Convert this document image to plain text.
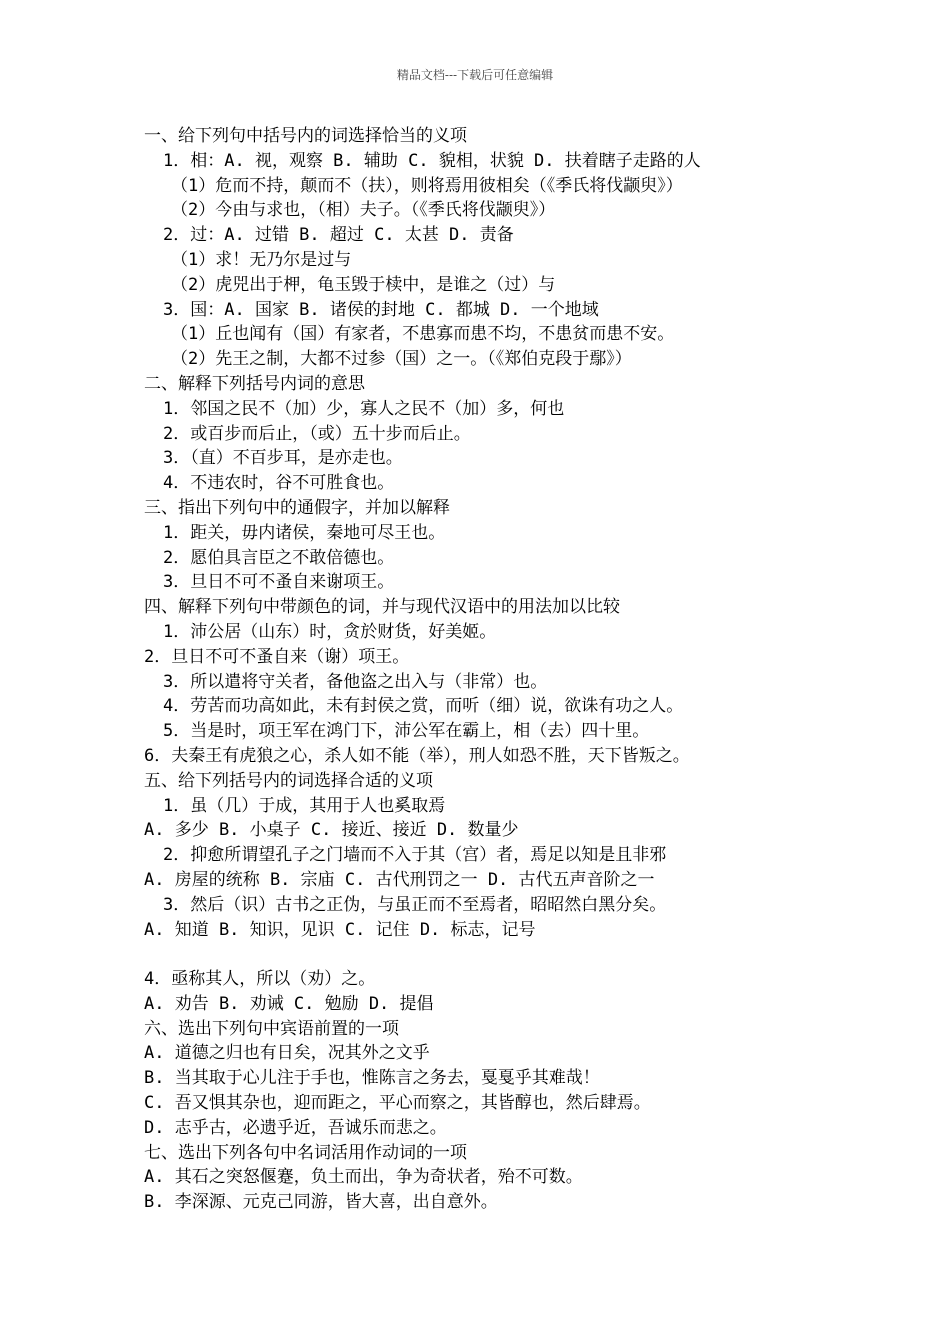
精品文档---下载后可任意编辑
一、给下列句中括号内的词选择恰当的义项
1．相：A. 视，观察 B. 辅助 C. 貌相，状貌 D. 扶着瞎子走路的人
（1）危而不持，颠而不（扶），则将焉用彼相矣（《季氏将伐颛臾》）
（2）今由与求也，（相）夫子。（《季氏将伐颛臾》）
2．过：A. 过错 B. 超过 C. 太甚 D. 责备
（1）求！无乃尔是过与
（2）虎兕出于柙，龟玉毁于椟中，是谁之（过）与
3．国：A. 国家 B. 诸侯的封地 C. 都城 D. 一个地域
（1）丘也闻有（国）有家者，不患寡而患不均，不患贫而患不安。
（2）先王之制，大都不过参（国）之一。（《郑伯克段于鄢》）
二、解释下列括号内词的意思
1．邻国之民不（加）少，寡人之民不（加）多，何也
2．或百步而后止，（或）五十步而后止。
3．（直）不百步耳，是亦走也。
4．不违农时，谷不可胜食也。
三、指出下列句中的通假字，并加以解释
1．距关，毋内诸侯，秦地可尽王也。
2．愿伯具言臣之不敢倍德也。
3．旦日不可不蚤自来谢项王。
四、解释下列句中带颜色的词，并与现代汉语中的用法加以比较
1．沛公居（山东）时，贪於财货，好美姬。
2．旦日不可不蚤自来（谢）项王。
3．所以遣将守关者，备他盗之出入与（非常）也。
4．劳苦而功高如此，未有封侯之赏，而听（细）说，欲诛有功之人。
5．当是时，项王军在鸿门下，沛公军在霸上，相（去）四十里。
6．夫秦王有虎狼之心，杀人如不能（举），刑人如恐不胜，天下皆叛之。
五、给下列括号内的词选择合适的义项
1．虽（几）于成，其用于人也奚取焉
A. 多少 B. 小桌子 C. 接近、接近 D. 数量少
2．抑愈所谓望孔子之门墙而不入于其（宫）者，焉足以知是且非邪
A. 房屋的统称 B. 宗庙 C. 古代刑罚之一 D. 古代五声音阶之一
3．然后（识）古书之正伪，与虽正而不至焉者，昭昭然白黑分矣。
A. 知道 B. 知识，见识 C. 记住 D. 标志，记号
4．亟称其人，所以（劝）之。
A. 劝告 B. 劝诫 C. 勉励 D. 提倡
六、选出下列句中宾语前置的一项
A. 道德之归也有日矣，况其外之文乎
B. 当其取于心儿注于手也，惟陈言之务去，戛戛乎其难哉！
C. 吾又惧其杂也，迎而距之，平心而察之，其皆醇也，然后肆焉。
D. 志乎古，必遗乎近，吾诚乐而悲之。
七、选出下列各句中名词活用作动词的一项
A. 其石之突怒偃蹇，负土而出，争为奇状者，殆不可数。
B. 李深源、元克己同游，皆大喜，出自意外。
